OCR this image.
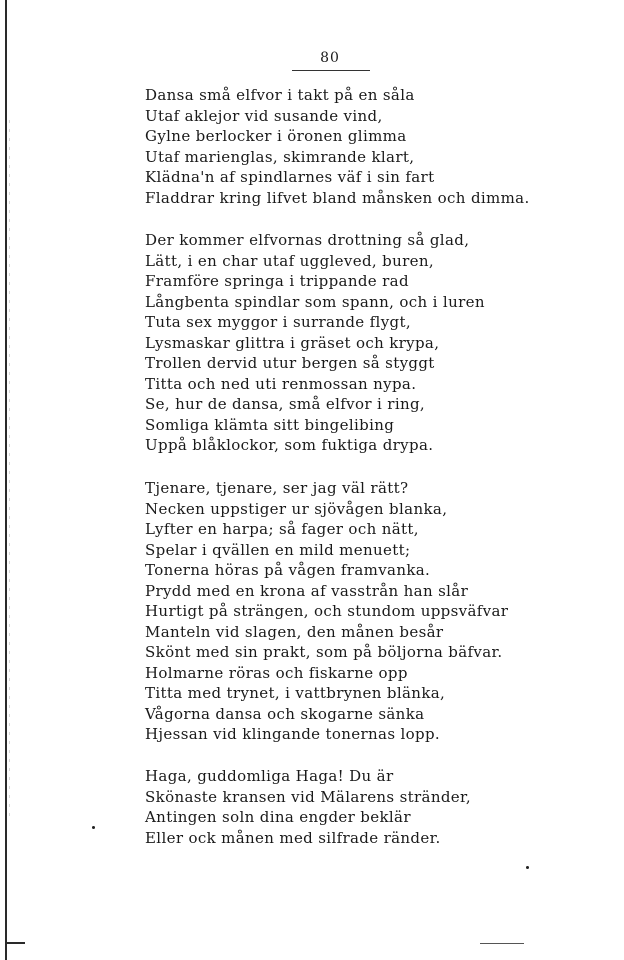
80
Dansa små elfvor i takt på en såla
Utaf aklejor vid susande vind,
Gylne berlocker i öronen glimma
Utaf marienglas, skimrande klart,
Klädna'n af spindlarnes väf i sin fart
Fladdrar kring lifvet bland månsken och dimma.
Der kommer elfvornas drottning så glad,
Lätt, i en char utaf uggleved, buren,
Framföre springa i trippande rad
Långbenta spindlar som spann, och i luren
Tuta sex myggor i surrande flygt,
Lysmaskar glittra i gräset och krypa,
Trollen dervid utur bergen så styggt
Titta och ned uti renmossan nypa.
Se, hur de dansa, små elfvor i ring,
Somliga klämta sitt bingelibing
Uppå blåklockor, som fuktiga drypa.
Tjenare, tjenare, ser jag väl rätt?
Necken uppstiger ur sjövågen blanka,
Lyfter en harpa; så fager och nätt,
Spelar i qvällen en mild menuett;
Tonerna höras på vågen framvanka.
Prydd med en krona af vasstrån han slår
Hurtigt på strängen, och stundom uppsväfvar
Manteln vid slagen, den månen besår
Skönt med sin prakt, som på böljorna bäfvar.
Holmarne röras och fiskarne opp
Titta med trynet, i vattbrynen blänka,
Vågorna dansa och skogarne sänka
Hjessan vid klingande tonernas lopp.
Haga, guddomliga Haga! Du är
Skönaste kransen vid Mälarens stränder,
Antingen soln dina engder beklär
Eller ock månen med silfrade ränder.
